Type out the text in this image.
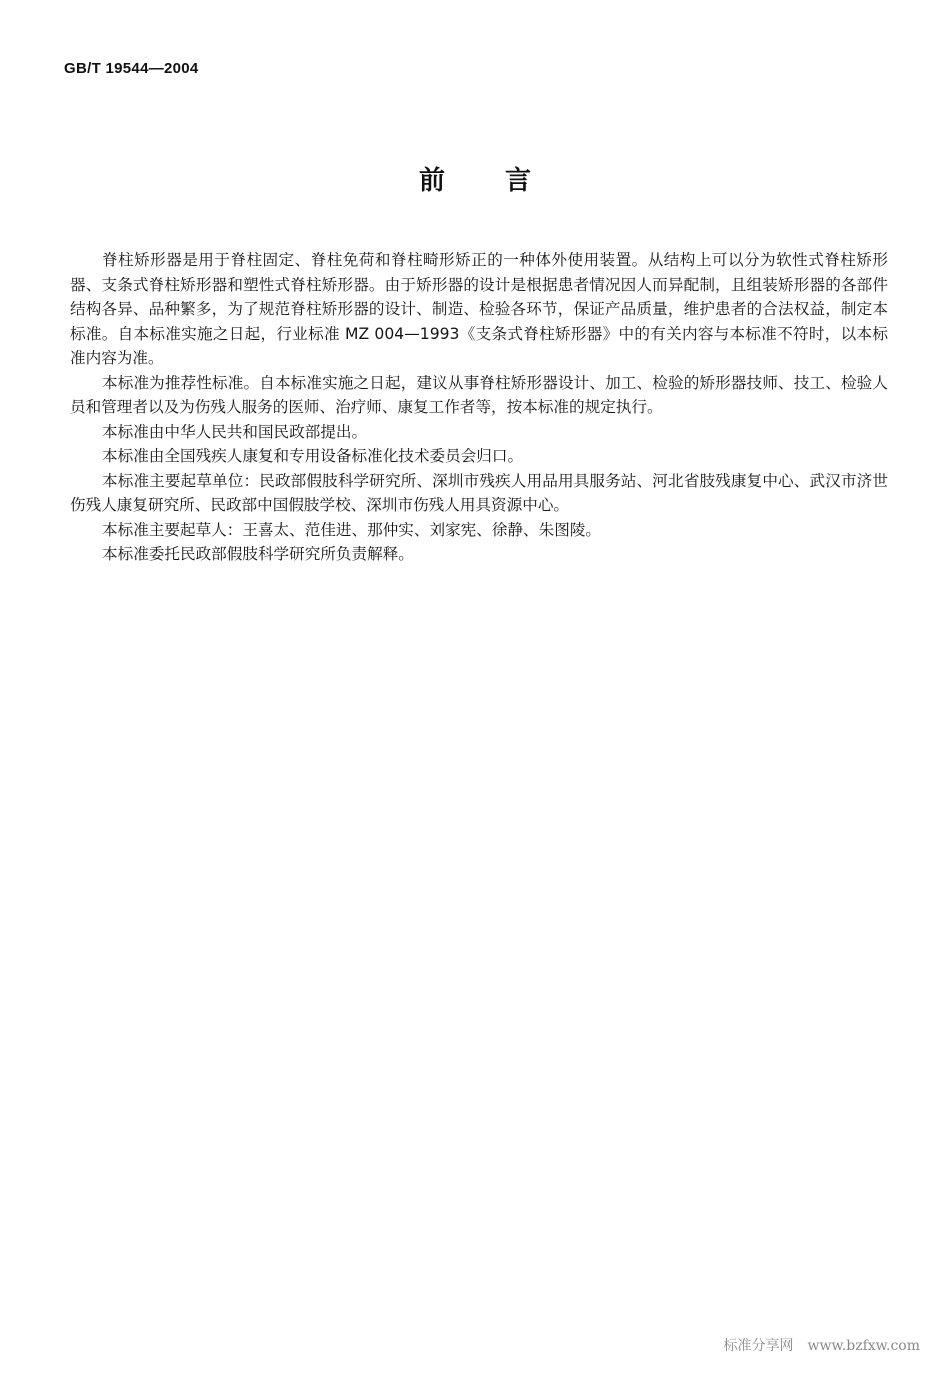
GB/T 19544—2004
前言

脊柱矫形器是用于脊柱固定、脊柱免荷和脊柱畸形矫正的一种体外使用装置。从结构上可以分为软性式脊柱矫形器、支条式脊柱矫形器和塑性式脊柱矫形器。由于矫形器的设计是根据患者情况因人而异配制，且组装矫形器的各部件结构各异、品种繁多，为了规范脊柱矫形器的设计、制造、检验各环节，保证产品质量，维护患者的合法权益，制定本标准。自本标准实施之日起，行业标准 MZ 004—1993《支条式脊柱矫形器》中的有关内容与本标准不符时，以本标准内容为准。

本标准为推荐性标准。自本标准实施之日起，建议从事脊柱矫形器设计、加工、检验的矫形器技师、技工、检验人员和管理者以及为伤残人服务的医师、治疗师、康复工作者等，按本标准的规定执行。

本标准由中华人民共和国民政部提出。

本标准由全国残疾人康复和专用设备标准化技术委员会归口。

本标准主要起草单位：民政部假肢科学研究所、深圳市残疾人用品用具服务站、河北省肢残康复中心、武汉市济世伤残人康复研究所、民政部中国假肢学校、深圳市伤残人用具资源中心。

本标准主要起草人：王喜太、范佳进、那仲实、刘家宪、徐静、朱图陵。

本标准委托民政部假肢科学研究所负责解释。

标准分享网 www.bzfxw.com
